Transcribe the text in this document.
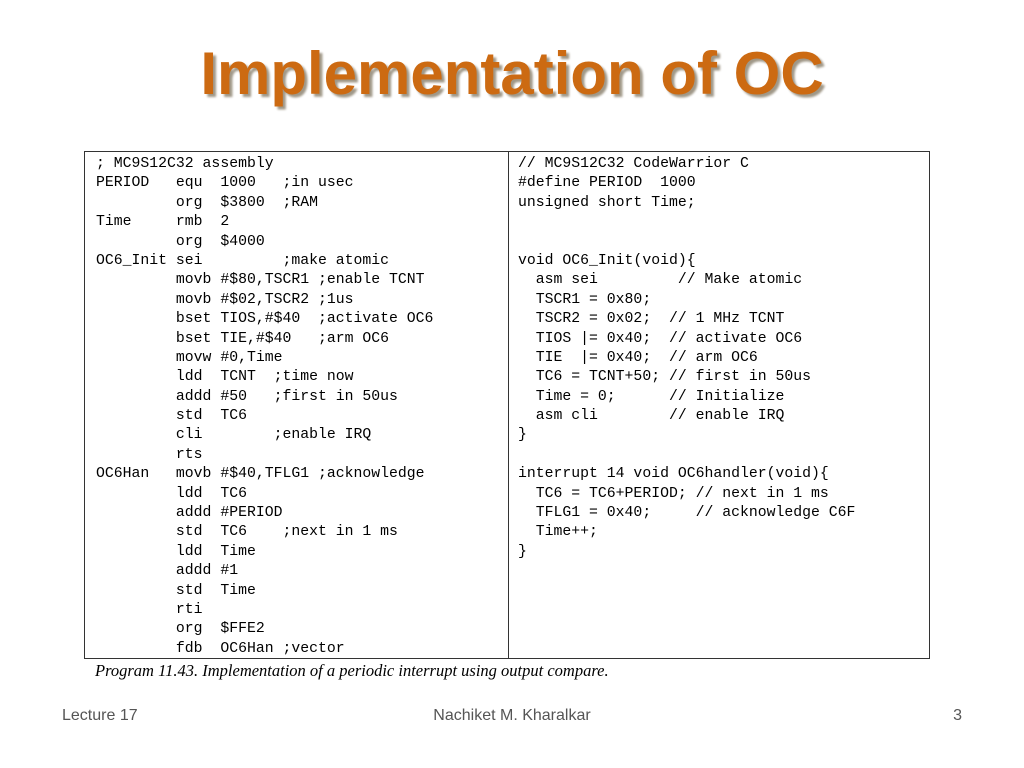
Implementation of OC
; MC9S12C32 assembly
PERIOD   equ  1000   ;in usec
org  $3800  ;RAM
Time     rmb  2
org  $4000
OC6_Init sei         ;make atomic
movb #$80,TSCR1 ;enable TCNT
movb #$02,TSCR2 ;1us
bset TIOS,#$40  ;activate OC6
bset TIE,#$40   ;arm OC6
movw #0,Time
ldd  TCNT  ;time now
addd #50   ;first in 50us
std  TC6
cli        ;enable IRQ
rts
OC6Han   movb #$40,TFLG1 ;acknowledge
ldd  TC6
addd #PERIOD
std  TC6    ;next in 1 ms
ldd  Time
addd #1
std  Time
rti
org  $FFE2
fdb  OC6Han ;vector
// MC9S12C32 CodeWarrior C
#define PERIOD  1000
unsigned short Time;
void OC6_Init(void){
asm sei         // Make atomic
TSCR1 = 0x80;
TSCR2 = 0x02;  // 1 MHz TCNT
TIOS |= 0x40;  // activate OC6
TIE  |= 0x40;  // arm OC6
TC6 = TCNT+50; // first in 50us
Time = 0;      // Initialize
asm cli        // enable IRQ
}
interrupt 14 void OC6handler(void){
TC6 = TC6+PERIOD; // next in 1 ms
TFLG1 = 0x40;     // acknowledge C6F
Time++;
}
Program 11.43. Implementation of a periodic interrupt using output compare.
Lecture 17	Nachiket M. Kharalkar	3
